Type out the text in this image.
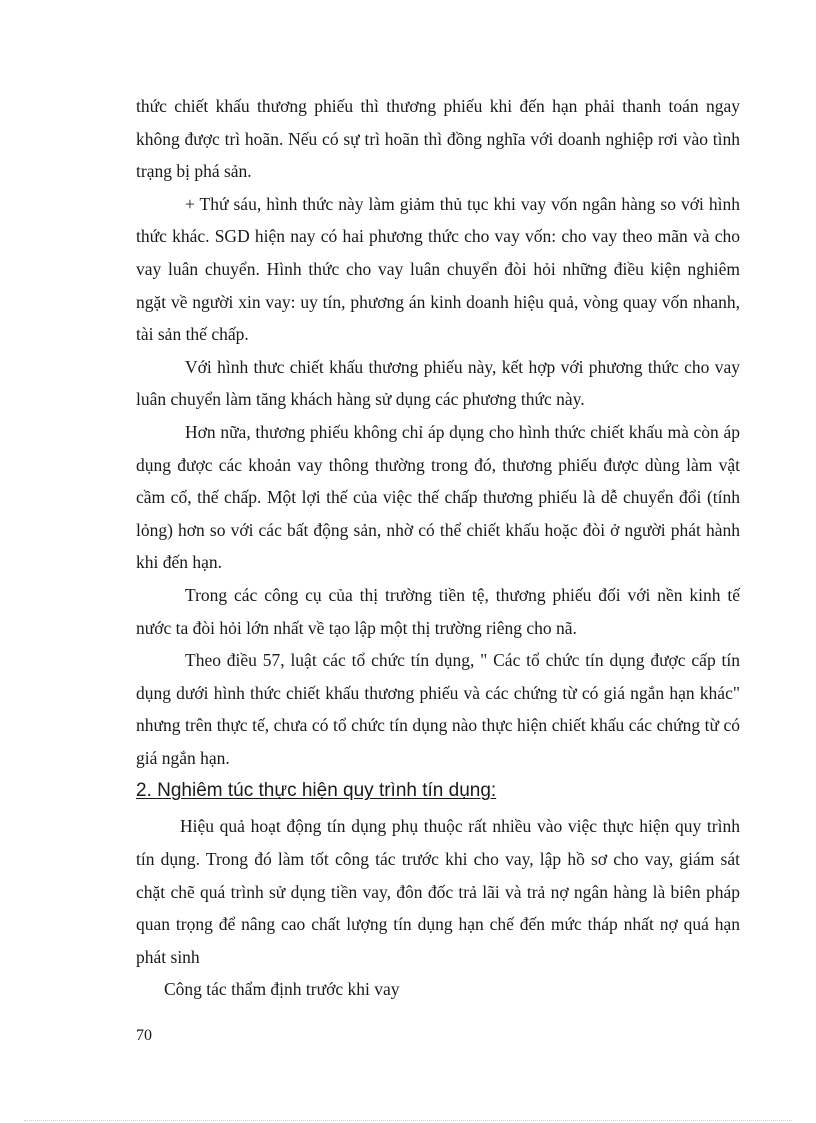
thức chiết khấu thương phiếu thì thương phiếu khi đến hạn phải thanh toán ngay không được trì hoãn. Nếu có sự trì hoãn thì đồng nghĩa với doanh nghiệp rơi vào tình trạng bị phá sản.

+ Thứ sáu, hình thức này làm giảm thủ tục khi vay vốn ngân hàng so với hình thức khác. SGD hiện nay có hai phương thức cho vay vốn: cho vay theo mãn và cho vay luân chuyển. Hình thức cho vay luân chuyển đòi hỏi những điều kiện nghiêm ngặt về người xin vay: uy tín, phương án kinh doanh hiệu quả, vòng quay vốn nhanh, tài sản thế chấp.

Với hình thưc chiết khấu thương phiếu này, kết hợp với phương thức cho vay luân chuyển làm tăng khách hàng sử dụng các phương thức này.

Hơn nữa, thương phiếu không chỉ áp dụng cho hình thức chiết khấu mà còn áp dụng được các khoản vay thông thường trong đó, thương phiếu được dùng làm vật cầm cố, thế chấp. Một lợi thế của việc thế chấp thương phiếu là dễ chuyển đổi (tính lỏng) hơn so với các bất động sản, nhờ có thể chiết khấu hoặc đòi ở người phát hành khi đến hạn.

Trong các công cụ của thị trường tiền tệ, thương phiếu đối với nền kinh tế nước ta đòi hỏi lớn nhất về tạo lập một thị trường riêng cho nã.

Theo điều 57, luật các tổ chức tín dụng, " Các tổ chức tín dụng được cấp tín dụng dưới hình thức chiết khấu thương phiếu và các chứng từ có giá ngắn hạn khác" nhưng trên thực tế, chưa có tổ chức tín dụng nào thực hiện chiết khấu các chứng từ có giá ngắn hạn.

2. Nghiêm túc thực hiện quy trình tín dụng:

Hiệu quả hoạt động tín dụng phụ thuộc rất nhiều vào việc thực hiện quy trình tín dụng. Trong đó làm tốt công tác trước khi cho vay, lập hồ sơ cho vay, giám sát chặt chẽ quá trình sử dụng tiền vay, đôn đốc trả lãi và trả nợ ngân hàng là biên pháp quan trọng để nâng cao chất lượng tín dụng hạn chế đến mức tháp nhất nợ quá hạn phát sinh

Công tác thẩm định trước khi vay

70
